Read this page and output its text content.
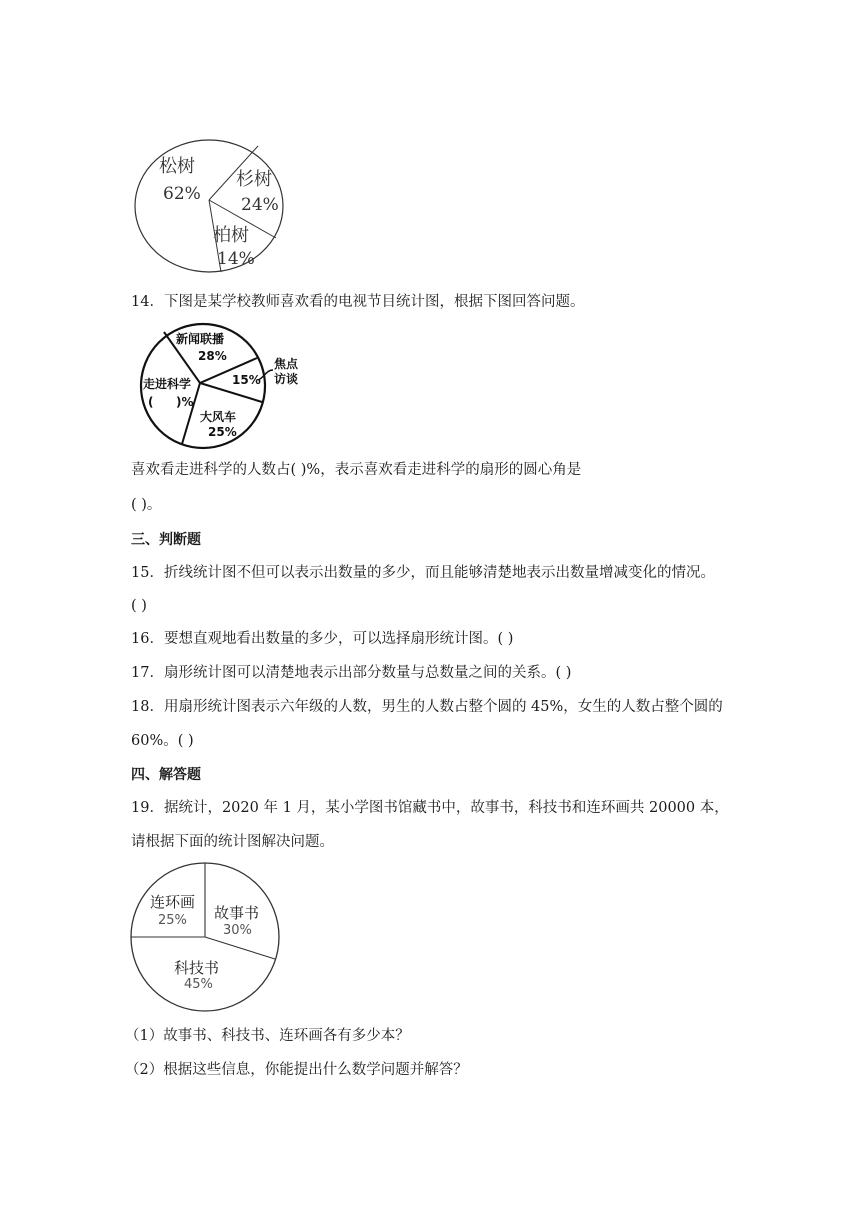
松树
62%
杉树
24%
柏树
14%
14．下图是某学校教师喜欢看的电视节目统计图，根据下图回答问题。
新闻联播
28%
15%
大风车
25%
走进科学
( )%
焦点
访谈
喜欢看走进科学的人数占( )%，表示喜欢看走进科学的扇形的圆心角是
( )。
三、判断题
15．折线统计图不但可以表示出数量的多少，而且能够清楚地表示出数量增减变化的情况。
( )
16．要想直观地看出数量的多少，可以选择扇形统计图。( )
17．扇形统计图可以清楚地表示出部分数量与总数量之间的关系。( )
18．用扇形统计图表示六年级的人数，男生的人数占整个圆的 45%，女生的人数占整个圆的
60%。( )
四、解答题
19．据统计，2020 年 1 月，某小学图书馆藏书中，故事书，科技书和连环画共 20000 本，
请根据下面的统计图解决问题。
连环画
25% 故事书
30%
科技书
45%
（1）故事书、科技书、连环画各有多少本？
（2）根据这些信息，你能提出什么数学问题并解答？
